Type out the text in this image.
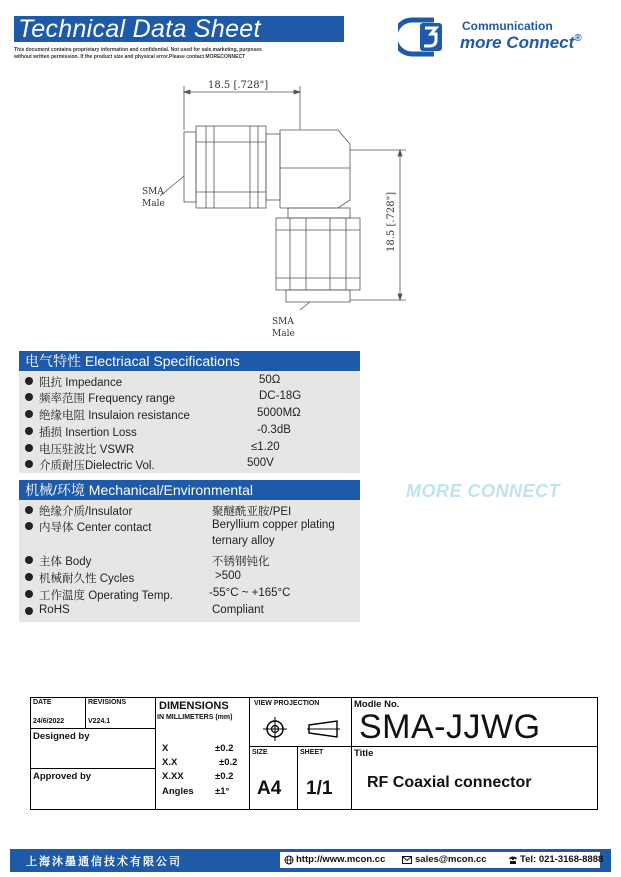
Technical Data Sheet
This document contains proprietary information and confidential. Not used for sale,marketing, purposes
without written permission. If the product size and physical error.Please contact MORECONNECT
Communication
more Connect®
18.5 [.728"]
18.5 [.728"]
SMA
Male
SMA
Male
电气特性 Electriacal Specifications
阻抗 Impedance	50Ω
频率范围 Frequency range	DC-18G
绝缘电阻 Insulaion resistance	5000MΩ
插损 Insertion Loss	-0.3dB
电压驻波比 VSWR	≤1.20
介质耐压Dielectric Vol.	500V
机械/环境 Mechanical/Environmental
绝缘介质/Insulator	聚醚酰亚胺/PEI
内导体 Center contact	Beryllium copper plating
ternary alloy
主体 Body	不锈钢钝化
机械耐久性 Cycles	>500
工作温度 Operating Temp.	-55°C ~ +165°C
RoHS	Compliant
MORE CONNECT
DATE	REVISIONS
24/6/2022	V224.1
Designed by
Approved by
DIMENSIONS
IN MILLIMETERS (mm)
X	±0.2
X.X	±0.2
X.XX	±0.2
Angles ±1°
VIEW PROJECTION
SIZE
A4
SHEET
1/1
Modle No.
SMA-JJWG
Title
RF Coaxial connector
上海沐墨通信技术有限公司	http://www.mcon.cc	sales@mcon.cc	Tel: 021-3168-8888
